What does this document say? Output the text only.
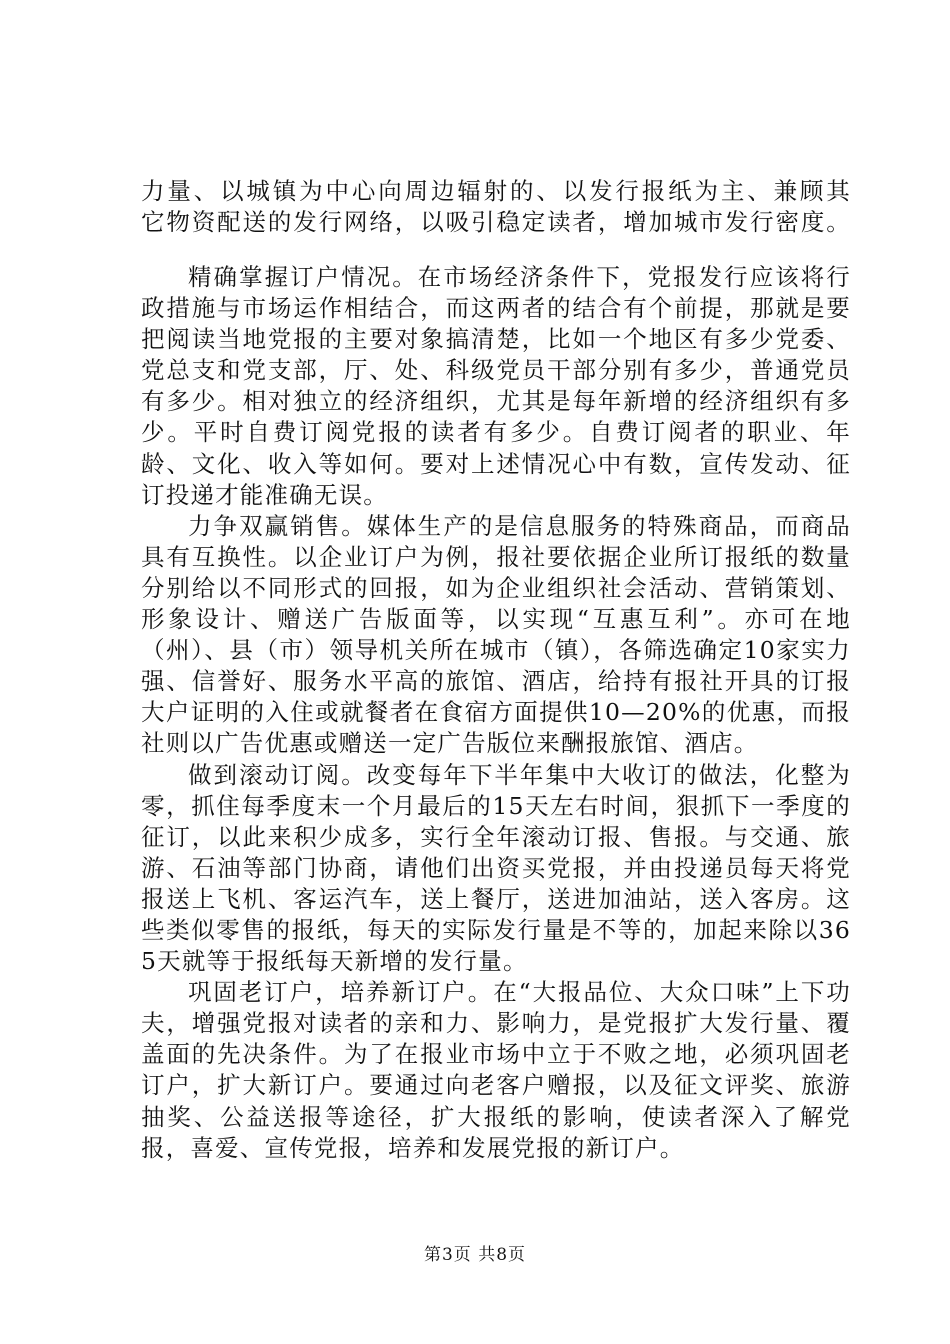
力量、以城镇为中心向周边辐射的、以发行报纸为主、兼顾其
它物资配送的发行网络，以吸引稳定读者，增加城市发行密度。

精确掌握订户情况。在市场经济条件下，党报发行应该将行政措施与市场运作相结合，而这两者的结合有个前提，那就是要把阅读当地党报的主要对象搞清楚，比如一个地区有多少党委、党总支和党支部，厅、处、科级党员干部分别有多少，普通党员有多少。相对独立的经济组织，尤其是每年新增的经济组织有多少。平时自费订阅党报的读者有多少。自费订阅者的职业、年龄、文化、收入等如何。要对上述情况心中有数，宣传发动、征订投递才能准确无误。

力争双赢销售。媒体生产的是信息服务的特殊商品，而商品具有互换性。以企业订户为例，报社要依据企业所订报纸的数量分别给以不同形式的回报，如为企业组织社会活动、营销策划、形象设计、赠送广告版面等，以实现“互惠互利”。亦可在地（州）、县（市）领导机关所在城市（镇），各筛选确定10家实力强、信誉好、服务水平高的旅馆、酒店，给持有报社开具的订报大户证明的入住或就餐者在食宿方面提供10—20%的优惠，而报社则以广告优惠或赠送一定广告版位来酬报旅馆、酒店。

做到滚动订阅。改变每年下半年集中大收订的做法，化整为零，抓住每季度末一个月最后的15天左右时间，狠抓下一季度的征订，以此来积少成多，实行全年滚动订报、售报。与交通、旅游、石油等部门协商，请他们出资买党报，并由投递员每天将党报送上飞机、客运汽车，送上餐厅，送进加油站，送入客房。这些类似零售的报纸，每天的实际发行量是不等的，加起来除以365天就等于报纸每天新增的发行量。

巩固老订户，培养新订户。在“大报品位、大众口味”上下功夫，增强党报对读者的亲和力、影响力，是党报扩大发行量、覆盖面的先决条件。为了在报业市场中立于不败之地，必须巩固老订户，扩大新订户。要通过向老客户赠报，以及征文评奖、旅游抽奖、公益送报等途径，扩大报纸的影响，使读者深入了解党报，喜爱、宣传党报，培养和发展党报的新订户。

第3页 共8页
